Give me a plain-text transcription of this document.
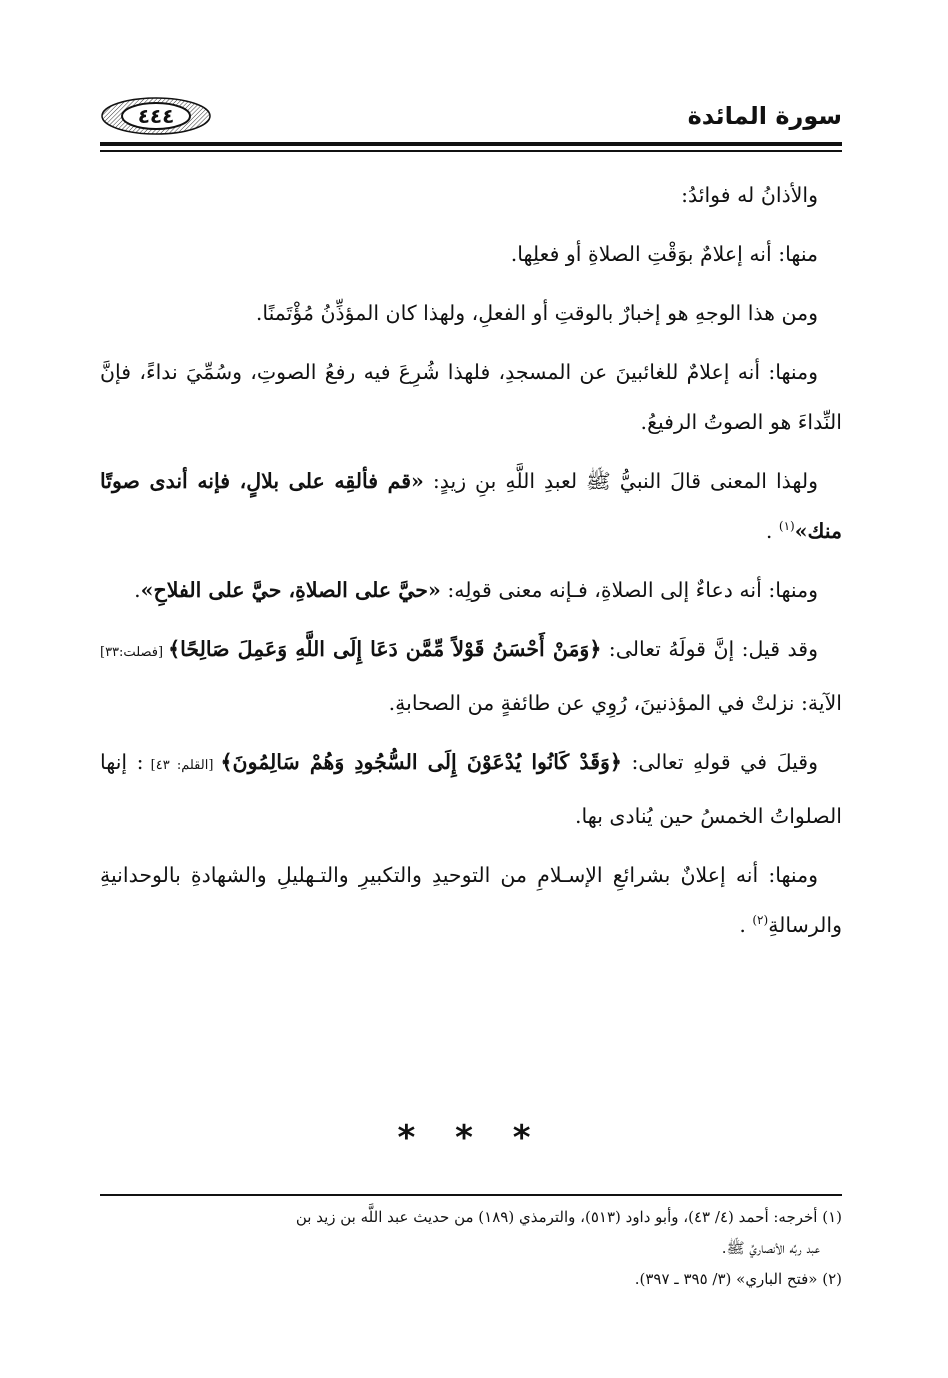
سورة المائدة
٤٤٤

والأذانُ له فوائدُ:

منها: أنه إعلامٌ بوَقْتِ الصلاةِ أو فعلِها.

ومن هذا الوجهِ هو إخبارٌ بالوقتِ أو الفعلِ، ولهذا كان المؤذِّنُ مُؤْتَمنًا.

ومنها: أنه إعلامٌ للغائبينَ عن المسجدِ، فلهذا شُرِعَ فيه رفعُ الصوتِ، وسُمِّيَ نداءً، فإنَّ النِّداءَ هو الصوتُ الرفيعُ.

ولهذا المعنى قالَ النبيُّ ﷺ لعبدِ اللَّهِ بنِ زيدٍ: «قم فألقِه على بلالٍ، فإنه أندى صوتًا منك»$^{(١)}$ .

ومنها: أنه دعاءٌ إلى الصلاةِ، فـإنه معنى قولِه: «حيَّ على الصلاةِ، حيَّ على الفلاحِ».

وقد قيل: إنَّ قولَهُ تعالى: ﴿وَمَنْ أَحْسَنُ قَوْلاً مِّمَّن دَعَا إِلَى اللَّهِ وَعَمِلَ صَالِحًا﴾ [فصلت:٣٣] الآية: نزلتْ في المؤذنينَ، رُوِي عن طائفةٍ من الصحابةِ.

وقيلَ في قولهِ تعالى: ﴿وَقَدْ كَانُوا يُدْعَوْنَ إِلَى السُّجُودِ وَهُمْ سَالِمُونَ﴾ [القلم: ٤٣] : إنها الصلواتُ الخمسُ حين يُنادى بها.

ومنها: أنه إعلانٌ بشرائعِ الإسـلامِ من التوحيدِ والتكبيرِ والتـهليلِ والشهادةِ بالوحدانيةِ والرسالةِ$^{(٢)}$ .

* * *

(١) أخرجه: أحمد (٤/ ٤٣)، وأبو داود (٥١٣)، والترمذي (١٨٩) من حديث عبد اللَّه بن زيد بن

عبد ربِّه الأنصاريِّ ﷺ.

(٢) «فتح الباري» (٣/ ٣٩٥ ـ ٣٩٧).
